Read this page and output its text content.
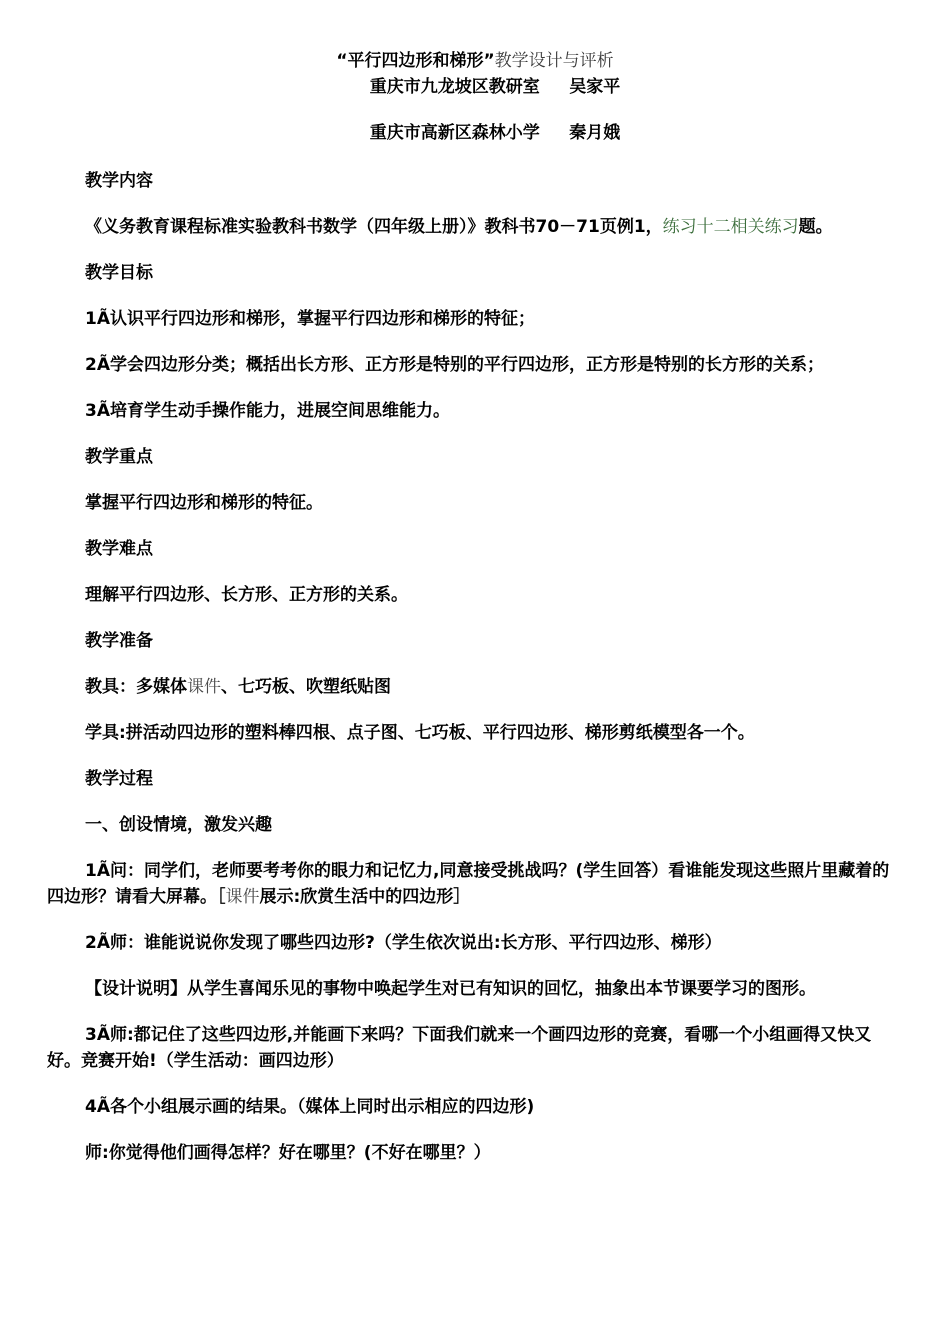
“平行四边形和梯形”教学设计与评析

重庆市九龙坡区教研室     吴家平

重庆市高新区森林小学     秦月娥

教学内容

《义务教育课程标准实验教科书数学（四年级上册）》教科书70－71页例1，练习十二相关练习题。

教学目标

1Ã认识平行四边形和梯形，掌握平行四边形和梯形的特征；

2Ã学会四边形分类；概括出长方形、正方形是特别的平行四边形，正方形是特别的长方形的关系；

3Ã培育学生动手操作能力，进展空间思维能力。

教学重点

掌握平行四边形和梯形的特征。

教学难点

理解平行四边形、长方形、正方形的关系。

教学准备

教具：多媒体课件、七巧板、吹塑纸贴图

学具:拼活动四边形的塑料棒四根、点子图、七巧板、平行四边形、梯形剪纸模型各一个。

教学过程

一、创设情境，激发兴趣

1Ã问：同学们，老师要考考你的眼力和记忆力,同意接受挑战吗？(学生回答）看谁能发现这些照片里藏着的四边形？请看大屏幕。［课件展示:欣赏生活中的四边形］

2Ã师：谁能说说你发现了哪些四边形?（学生依次说出:长方形、平行四边形、梯形）

【设计说明】从学生喜闻乐见的事物中唤起学生对已有知识的回忆，抽象出本节课要学习的图形。

3Ã师:都记住了这些四边形,并能画下来吗？下面我们就来一个画四边形的竞赛，看哪一个小组画得又快又好。竞赛开始!（学生活动：画四边形）

4Ã各个小组展示画的结果。（媒体上同时出示相应的四边形)

师:你觉得他们画得怎样？好在哪里？(不好在哪里？）
